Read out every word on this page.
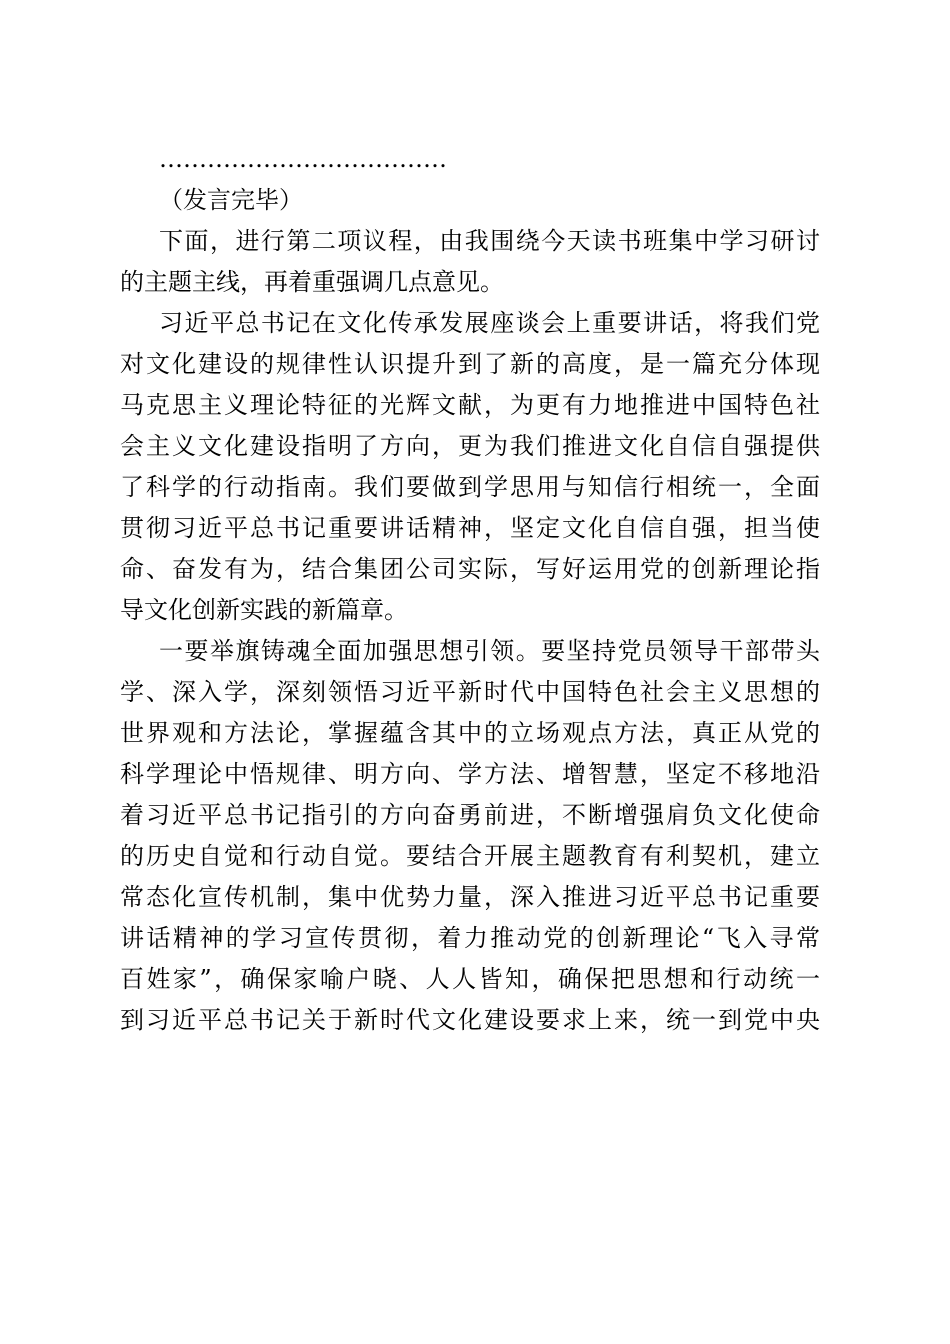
………………………………
（发言完毕）
下面，进行第二项议程，由我围绕今天读书班集中学习研讨
的主题主线，再着重强调几点意见。
习近平总书记在文化传承发展座谈会上重要讲话，将我们党
对文化建设的规律性认识提升到了新的高度，是一篇充分体现
马克思主义理论特征的光辉文献，为更有力地推进中国特色社
会主义文化建设指明了方向，更为我们推进文化自信自强提供
了科学的行动指南。我们要做到学思用与知信行相统一，全面
贯彻习近平总书记重要讲话精神，坚定文化自信自强，担当使
命、奋发有为，结合集团公司实际，写好运用党的创新理论指
导文化创新实践的新篇章。
一要举旗铸魂全面加强思想引领。要坚持党员领导干部带头
学、深入学，深刻领悟习近平新时代中国特色社会主义思想的
世界观和方法论，掌握蕴含其中的立场观点方法，真正从党的
科学理论中悟规律、明方向、学方法、增智慧，坚定不移地沿
着习近平总书记指引的方向奋勇前进，不断增强肩负文化使命
的历史自觉和行动自觉。要结合开展主题教育有利契机，建立
常态化宣传机制，集中优势力量，深入推进习近平总书记重要
讲话精神的学习宣传贯彻，着力推动党的创新理论“飞入寻常
百姓家”，确保家喻户晓、人人皆知，确保把思想和行动统一
到习近平总书记关于新时代文化建设要求上来，统一到党中央
